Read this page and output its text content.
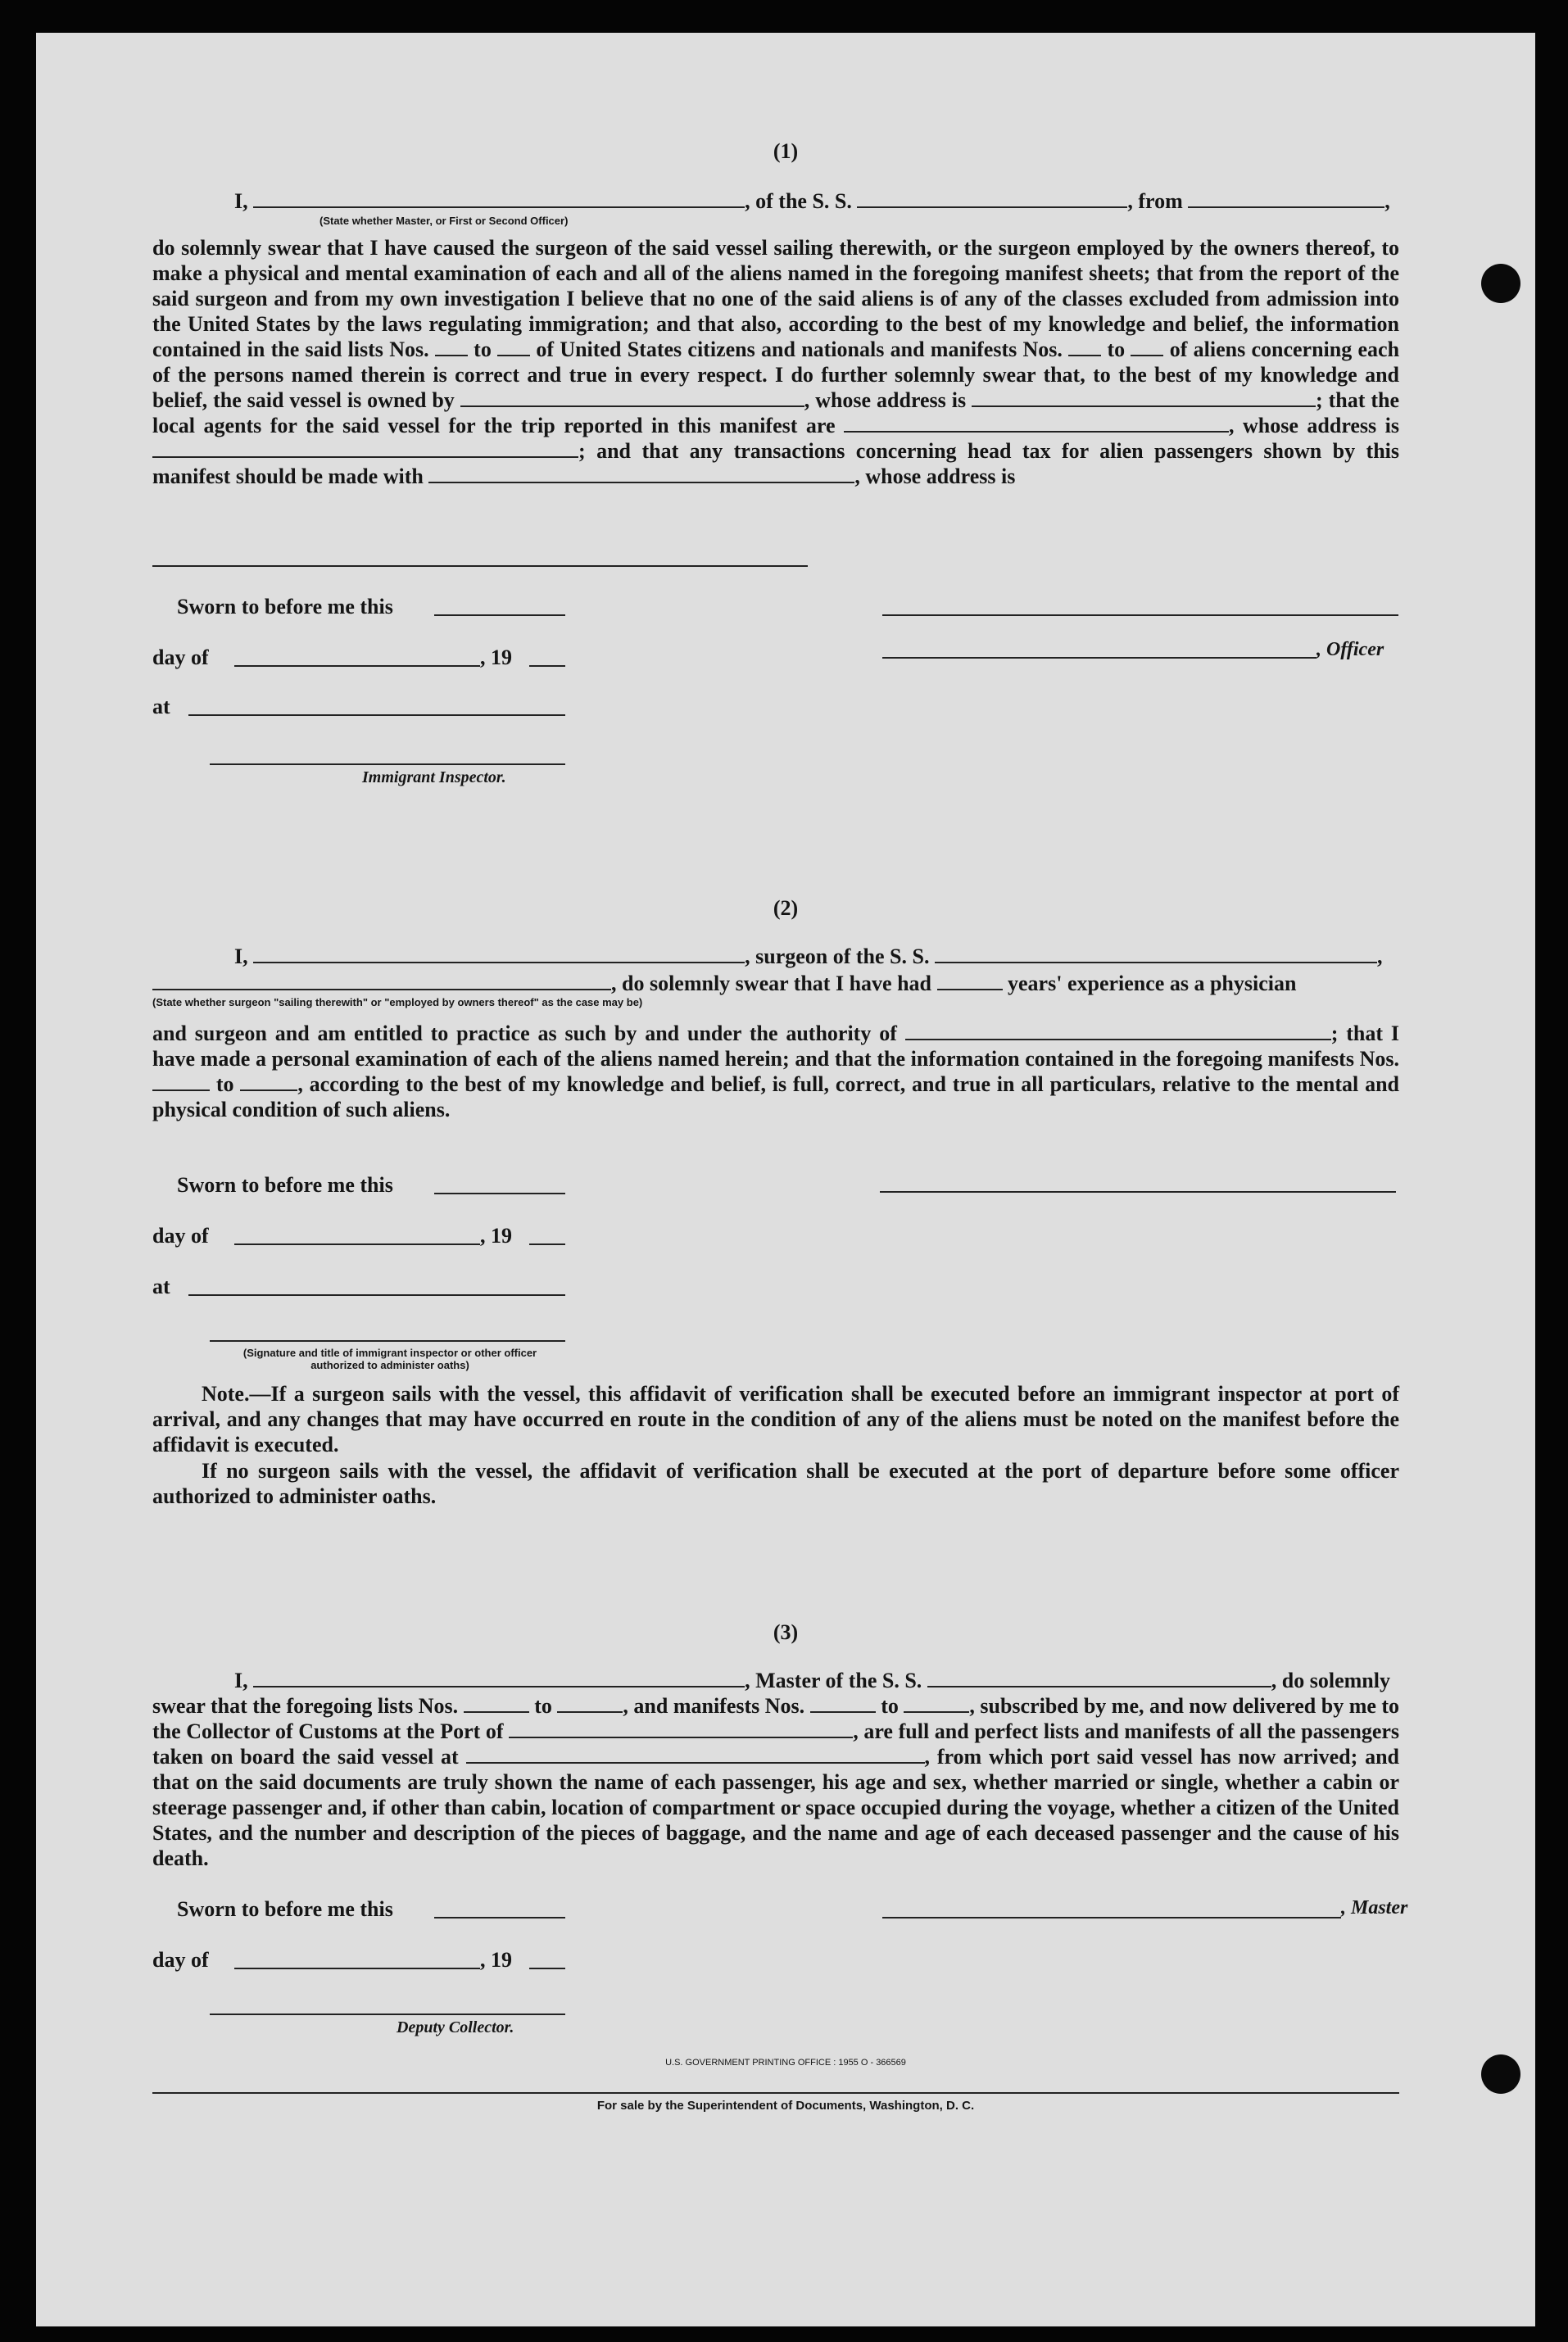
(1)
I,	, of the S. S.	, from	,
(State whether Master, or First or Second Officer)
do solemnly swear that I have caused the surgeon of the said vessel sailing therewith, or the surgeon employed by the owners thereof, to make a physical and mental examination of each and all of the aliens named in the foregoing manifest sheets; that from the report of the said surgeon and from my own investigation I believe that no one of the said aliens is of any of the classes excluded from admission into the United States by the laws regulating immigration; and that also, according to the best of my knowledge and belief, the information contained in the said lists Nos. to of United States citizens and nationals and manifests Nos. to of aliens concerning each of the persons named therein is correct and true in every respect. I do further solemnly swear that, to the best of my knowledge and belief, the said vessel is owned by	, whose address is	; that the local agents for the said vessel for the trip reported in this manifest are	, whose address is ; and that any transactions concerning head tax for alien passengers shown by this manifest should be made with	, whose address is
Sworn to before me this
day of	, 19	, Officer
at
Immigrant Inspector.
(2)
I,	, surgeon of the S. S.	,
, do solemnly swear that I have had	years' experience as a physician
(State whether surgeon "sailing therewith" or "employed by owners thereof" as the case may be)
and surgeon and am entitled to practice as such by and under the authority of	; that I have made a personal examination of each of the aliens named herein; and that the information contained in the foregoing manifests Nos.  to	, according to the best of my knowledge and belief, is full, correct, and true in all particulars, relative to the mental and physical condition of such aliens.
Sworn to before me this
day of	, 19
at
(Signature and title of immigrant inspector or other officer authorized to administer oaths)
Note.—If a surgeon sails with the vessel, this affidavit of verification shall be executed before an immigrant inspector at port of arrival, and any changes that may have occurred en route in the condition of any of the aliens must be noted on the manifest before the affidavit is executed.
If no surgeon sails with the vessel, the affidavit of verification shall be executed at the port of departure before some officer authorized to administer oaths.
(3)
I,	, Master of the S. S.	, do solemnly
swear that the foregoing lists Nos.	to	, and manifests Nos.	to	, subscribed by me, and now delivered by me to the Collector of Customs at the Port of	, are full and perfect lists and manifests of all the passengers taken on board the said vessel at	, from which port said vessel has now arrived; and that on the said documents are truly shown the name of each passenger, his age and sex, whether married or single, whether a cabin or steerage passenger and, if other than cabin, location of compartment or space occupied during the voyage, whether a citizen of the United States, and the number and description of the pieces of baggage, and the name and age of each deceased passenger and the cause of his death.
Sworn to before me this	, Master
day of	, 19
Deputy Collector.
U.S. GOVERNMENT PRINTING OFFICE : 1955 O - 366569
For sale by the Superintendent of Documents, Washington, D. C.
